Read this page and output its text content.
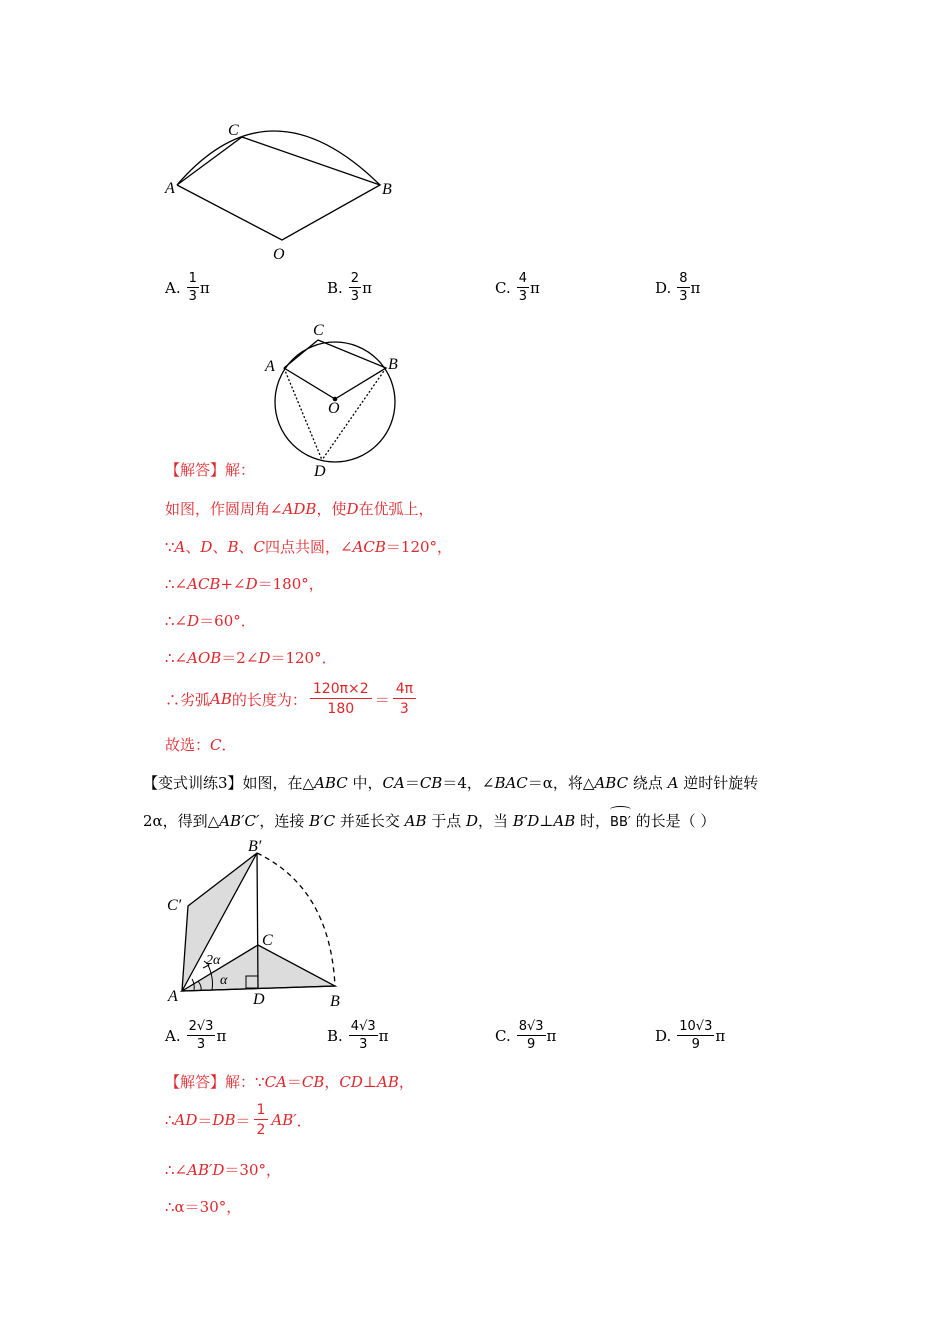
C
A	B
O
A. $\frac{1}{3}$ π	B. $\frac{2}{3}$ π	C. $\frac{4}{3}$ π	D. $\frac{8}{3}$ π
C
A	B
O
D
【解答】解：
如图，作圆周角∠ ADB ，使 D 在优弧上，
∵ A 、 D 、 B 、 C 四点共圆，∠ ACB ＝120°，
∴∠ ACB +∠ D ＝180°，
∴∠ D ＝60°．
∴∠ AOB ＝2∠ D ＝120°．
∴劣弧 AB 的长度为： $\frac{120\pi\times 2}{180} = \frac{4\pi}{3}$
故选： C ．
【变式训练3】如图，在△ABC 中，CA＝CB＝4，∠BAC＝α，将△ABC 绕点 A 逆时针旋转
2α，得到△AB′C′，连接 B′C 并延长交 AB 于点 D，当 B′D⊥AB 时，
BB′ 的长是（ ）
B′
C′
C
A	D	B
2α
α
A. $\frac{2√3}{3}$ π	B. $\frac{4√3}{3}$ π	C. $\frac{8√3}{9}$ π	D. $\frac{10√3}{9}$ π
【解答】解： ∵ CA ＝ CB ， CD ⊥ AB ，
∴ AD ＝ DB ＝ $\frac{1}{2} AB'$ ．
∴∠ AB′D ＝30°，
∴α＝30°，
